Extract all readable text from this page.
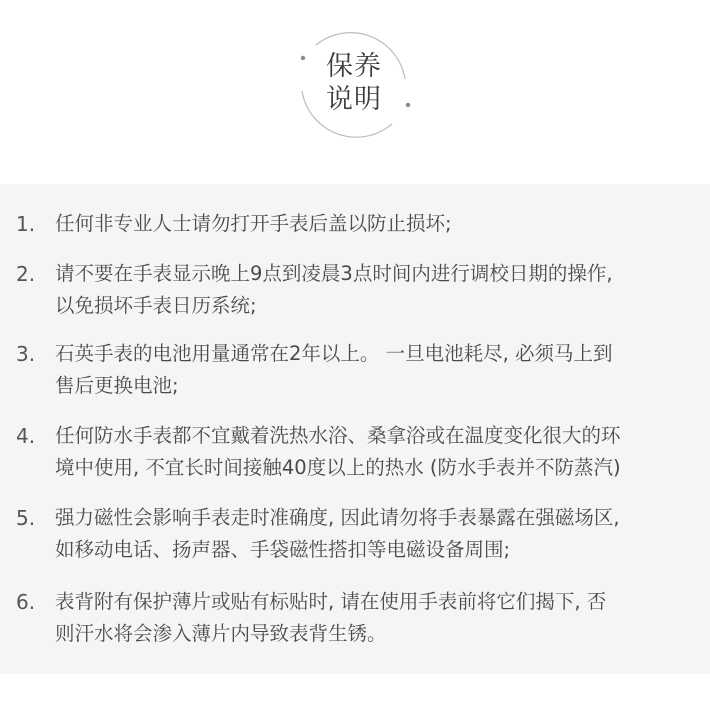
保养
说明
1. 任何非专业人士请勿打开手表后盖以防止损坏;
2. 请不要在手表显示晚上9点到凌晨3点时间内进行调校日期的操作,
以免损坏手表日历系统;
3. 石英手表的电池用量通常在2年以上。 一旦电池耗尽, 必须马上到
售后更换电池;
4. 任何防水手表都不宜戴着洗热水浴、桑拿浴或在温度变化很大的环
境中使用, 不宜长时间接触40度以上的热水 (防水手表并不防蒸汽)
5. 强力磁性会影响手表走时准确度, 因此请勿将手表暴露在强磁场区,
如移动电话、扬声器、手袋磁性搭扣等电磁设备周围;
6. 表背附有保护薄片或贴有标贴时, 请在使用手表前将它们揭下, 否
则汗水将会渗入薄片内导致表背生锈。
